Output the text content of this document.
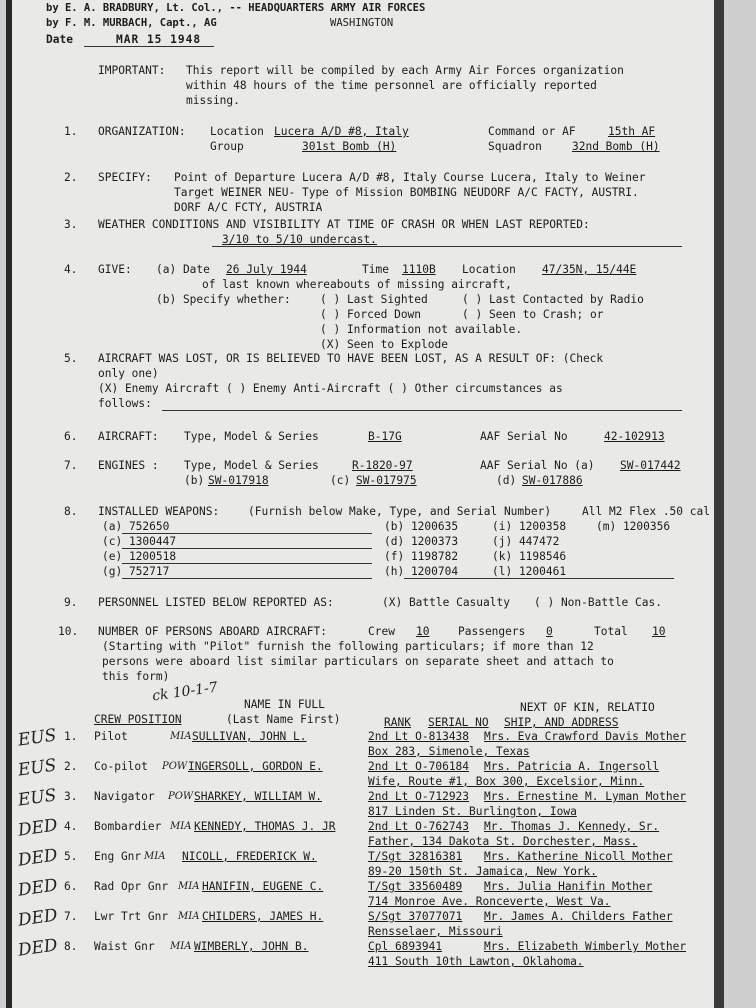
by E. A. BRADBURY, Lt. Col., -- HEADQUARTERS ARMY AIR FORCES
by F. M. MURBACH, Capt., AG	WASHINGTON
Date	MAR 15 1948
IMPORTANT: This report will be compiled by each Army Air Forces organization
within 48 hours of the time personnel are officially reported
missing.
1. ORGANIZATION: Location Lucera A/D #8, Italy	Command or AF	15th AF
Group	301st Bomb (H)	Squadron	32nd Bomb (H)
2. SPECIFY: Point of Departure Lucera A/D #8, Italy Course Lucera, Italy to Weiner
Target WEINER NEU- Type of Mission BOMBING NEUDORF A/C FACTY, AUSTRI.
DORF A/C FCTY, AUSTRIA
3. WEATHER CONDITIONS AND VISIBILITY AT TIME OF CRASH OR WHEN LAST REPORTED:
3/10 to 5/10 undercast.
4. GIVE: (a) Date 26 July 1944	Time 1110B Location 47/35N, 15/44E
of last known whereabouts of missing aircraft,
(b) Specify whether:	( ) Last Sighted	( ) Last Contacted by Radio
( ) Forced Down	( ) Seen to Crash; or
( ) Information not available.
(X) Seen to Explode
5. AIRCRAFT WAS LOST, OR IS BELIEVED TO HAVE BEEN LOST, AS A RESULT OF: (Check
only one)
(X) Enemy Aircraft ( ) Enemy Anti-Aircraft ( ) Other circumstances as
follows:
6. AIRCRAFT: Type, Model & Series	B-17G	AAF Serial No	42-102913
7. ENGINES : Type, Model & Series	R-1820-97	AAF Serial No (a) SW-017442
(b) SW-017918	(c) SW-017975	(d) SW-017886
8. INSTALLED WEAPONS:	(Furnish below Make, Type, and Serial Number)	All M2 Flex .50 cal
(a) 752650	(b) 1200635	(i) 1200358	(m) 1200356
(c) 1300447	(d) 1200373	(j) 447472
(e) 1200518	(f) 1198782	(k) 1198546
(g) 752717	(h) 1200704	(l) 1200461
9. PERSONNEL LISTED BELOW REPORTED AS:	(X) Battle Casualty ( ) Non-Battle Cas.
10. NUMBER OF PERSONS ABOARD AIRCRAFT:	Crew 10	Passengers 0	Total 10
(Starting with "Pilot" furnish the following particulars; if more than 12
persons were aboard list similar particulars on separate sheet and attach to
this form)
ck 10-1-7 NAME IN FULL
(Last Name First)
CREW POSITION	RANK SERIAL NO
NEXT OF KIN, RELATIO
SHIP, AND ADDRESS
EUS 1. Pilot	MIA SULLIVAN, JOHN L.	2nd Lt O-813438 Mrs. Eva Crawford Davis Mother
Box 283, Simenole, Texas
EUS 2. Co-pilot POW INGERSOLL, GORDON E.	2nd Lt O-706184 Mrs. Patricia A. Ingersoll
Wife, Route #1, Box 300, Excelsior, Minn.
EUS 3. Navigator POW SHARKEY, WILLIAM W.	2nd Lt O-712923 Mrs. Ernestine M. Lyman Mother
817 Linden St. Burlington, Iowa
DED 4. Bombardier MIA KENNEDY, THOMAS J. JR	2nd Lt O-762743 Mr. Thomas J. Kennedy, Sr.
Father, 134 Dakota St. Dorchester, Mass.
DED 5. Eng Gnr MIA NICOLL, FREDERICK W.	T/Sgt 32816381 Mrs. Katherine Nicoll Mother
89-20 150th St. Jamaica, New York.
DED 6. Rad Opr Gnr MIA HANIFIN, EUGENE C.	T/Sgt 33560489 Mrs. Julia Hanifin Mother
714 Monroe Ave. Ronceverte, West Va.
DED 7. Lwr Trt Gnr MIA CHILDERS, JAMES H.	S/Sgt 37077071 Mr. James A. Childers Father
Rensselaer, Missouri
DED 8. Waist Gnr MIA WIMBERLY, JOHN B.	Cpl 6893941	Mrs. Elizabeth Wimberly Mother
411 South 10th Lawton, Oklahoma.
